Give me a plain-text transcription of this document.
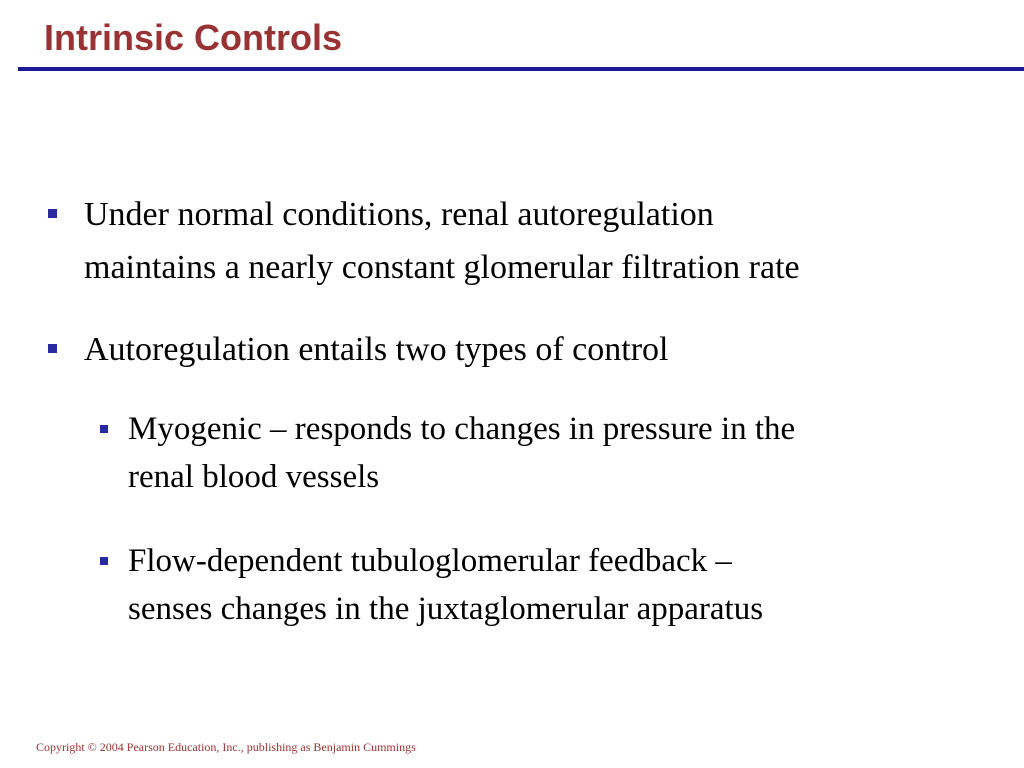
Intrinsic Controls
Under normal conditions, renal autoregulation
maintains a nearly constant glomerular filtration rate
Autoregulation entails two types of control
Myogenic – responds to changes in pressure in the
renal blood vessels
Flow-dependent tubuloglomerular feedback –
senses changes in the juxtaglomerular apparatus
Copyright © 2004 Pearson Education, Inc., publishing as Benjamin Cummings
